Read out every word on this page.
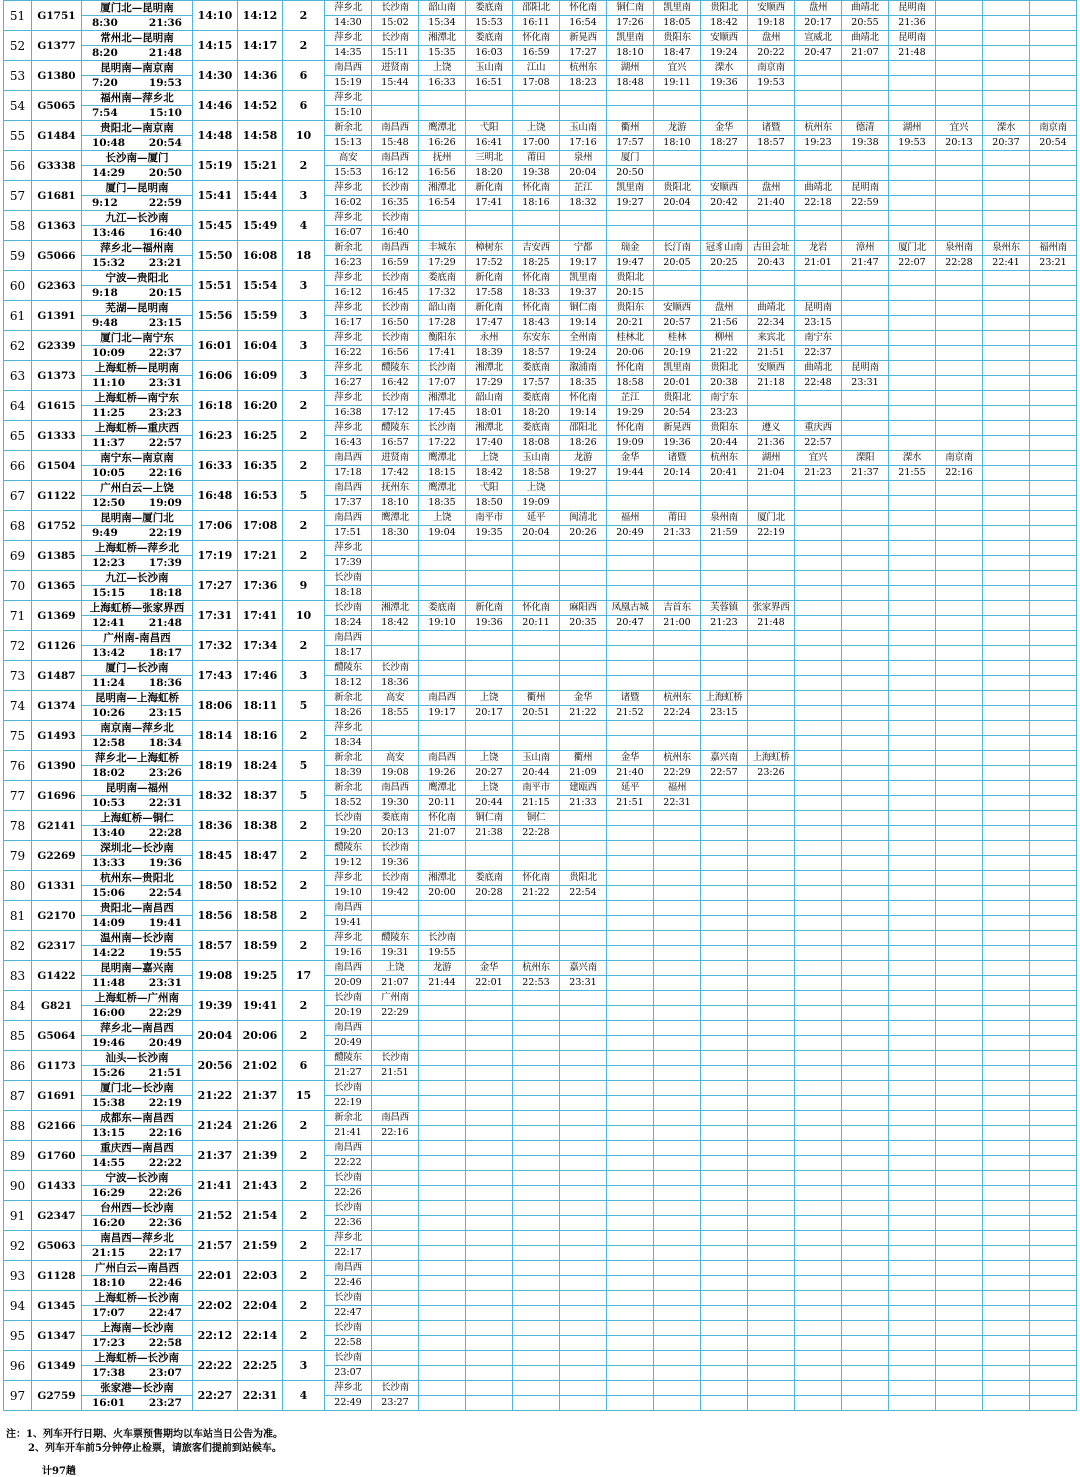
51	G1751	厦门北—昆明南	14:10	14:12	2	萍乡北	长沙南	韶山南	娄底南	邵阳北	怀化南	铜仁南	凯里南	贵阳北	安顺西	盘州	曲靖北	昆明南			

		8:30 21:36				14:30	15:02	15:34	15:53	16:11	16:54	17:26	18:05	18:42	19:18	20:17	20:55	21:36			
52	G1377	常州北—昆明南	14:15	14:17	2	萍乡北	长沙南	湘潭北	娄底南	怀化南	新晃西	凯里南	贵阳东	安顺西	盘州	宣威北	曲靖北	昆明南			

		8:20 21:48				14:35	15:11	15:35	16:03	16:59	17:27	18:10	18:47	19:24	20:22	20:47	21:07	21:48			
53	G1380	昆明南—南京南	14:30	14:36	6	南昌西	进贤南	上饶	玉山南	江山	杭州东	湖州	宜兴	溧水	南京南						

		7:20 19:53				15:19	15:44	16:33	16:51	17:08	18:23	18:48	19:11	19:36	19:53						
54	G5065	福州南—萍乡北	14:46	14:52	6	萍乡北															

		7:54 15:10				15:10															
55	G1484	贵阳北—南京南	14:48	14:58	10	新余北	南昌西	鹰潭北	弋阳	上饶	玉山南	衢州	龙游	金华	诸暨	杭州东	德清	湖州	宜兴	溧水	南京南

		10:48 20:54				15:13	15:48	16:26	16:41	17:00	17:16	17:57	18:10	18:27	18:57	19:23	19:38	19:53	20:13	20:37	20:54
56	G3338	长沙南—厦门	15:19	15:21	2	高安	南昌西	抚州	三明北	莆田	泉州	厦门									

		14:29 20:50				15:53	16:12	16:56	18:20	19:38	20:04	20:50									
57	G1681	厦门—昆明南	15:41	15:44	3	萍乡北	长沙南	湘潭北	新化南	怀化南	芷江	凯里南	贵阳北	安顺西	盘州	曲靖北	昆明南				

		9:12 22:59				16:02	16:35	16:54	17:41	18:16	18:32	19:27	20:04	20:42	21:40	22:18	22:59				
58	G1363	九江—长沙南	15:45	15:49	4	萍乡北	长沙南														

		13:46 16:40				16:07	16:40														
59	G5066	萍乡北—福州南	15:50	16:08	18	新余北	南昌西	丰城东	樟树东	吉安西	宁都	瑞金	长汀南	冠豸山南	古田会址	龙岩	漳州	厦门北	泉州南	泉州东	福州南

		15:32 23:21				16:23	16:59	17:29	17:52	18:25	19:17	19:47	20:05	20:25	20:43	21:01	21:47	22:07	22:28	22:41	23:21
60	G2363	宁波—贵阳北	15:51	15:54	3	萍乡北	长沙南	娄底南	新化南	怀化南	凯里南	贵阳北									

		9:18 20:15				16:12	16:45	17:32	17:58	18:33	19:37	20:15									
61	G1391	芜湖—昆明南	15:56	15:59	3	萍乡北	长沙南	韶山南	新化南	怀化南	铜仁南	贵阳东	安顺西	盘州	曲靖北	昆明南					

		9:48 23:15				16:17	16:50	17:28	17:47	18:43	19:14	20:21	20:57	21:56	22:34	23:15					
62	G2339	厦门北—南宁东	16:01	16:04	3	萍乡北	长沙南	衡阳东	永州	东安东	全州南	桂林北	桂林	柳州	来宾北	南宁东					

		10:09 22:37				16:22	16:56	17:41	18:39	18:57	19:24	20:06	20:19	21:22	21:51	22:37					
63	G1373	上海虹桥—昆明南	16:06	16:09	3	萍乡北	醴陵东	长沙南	湘潭北	娄底南	溆浦南	怀化南	凯里南	贵阳北	安顺西	曲靖北	昆明南				

		11:10 23:31				16:27	16:42	17:07	17:29	17:57	18:35	18:58	20:01	20:38	21:18	22:48	23:31				
64	G1615	上海虹桥—南宁东	16:18	16:20	2	萍乡北	长沙南	湘潭北	韶山南	娄底南	怀化南	芷江	贵阳北	南宁东							

		11:25 23:23				16:38	17:12	17:45	18:01	18:20	19:14	19:29	20:54	23:23							
65	G1333	上海虹桥—重庆西	16:23	16:25	2	萍乡北	醴陵东	长沙南	湘潭北	娄底南	邵阳北	怀化南	新晃西	贵阳东	遵义	重庆西					

		11:37 22:57				16:43	16:57	17:22	17:40	18:08	18:26	19:09	19:36	20:44	21:36	22:57					
66	G1504	南宁东—南京南	16:33	16:35	2	南昌西	进贤南	鹰潭北	上饶	玉山南	龙游	金华	诸暨	杭州东	湖州	宜兴	溧阳	溧水	南京南		

		10:05 22:16				17:18	17:42	18:15	18:42	18:58	19:27	19:44	20:14	20:41	21:04	21:23	21:37	21:55	22:16		
67	G1122	广州白云—上饶	16:48	16:53	5	南昌西	抚州东	鹰潭北	弋阳	上饶											

		12:50 19:09				17:37	18:10	18:35	18:50	19:09											
68	G1752	昆明南—厦门北	17:06	17:08	2	南昌西	鹰潭北	上饶	南平市	延平	闽清北	福州	莆田	泉州南	厦门北						

		9:49 22:19				17:51	18:30	19:04	19:35	20:04	20:26	20:49	21:33	21:59	22:19						
69	G1385	上海虹桥—萍乡北	17:19	17:21	2	萍乡北															

		12:23 17:39				17:39															
70	G1365	九江—长沙南	17:27	17:36	9	长沙南															

		15:15 18:18				18:18															
71	G1369	上海虹桥—张家界西	17:31	17:41	10	长沙南	湘潭北	娄底南	新化南	怀化南	麻阳西	凤凰古城	吉首东	芙蓉镇	张家界西						

		12:41 21:48				18:24	18:42	19:10	19:36	20:11	20:35	20:47	21:00	21:23	21:48						
72	G1126	广州南-南昌西	17:32	17:34	2	南昌西															

		13:42 18:17				18:17															
73	G1487	厦门—长沙南	17:43	17:46	3	醴陵东	长沙南														

		11:24 18:36				18:12	18:36														
74	G1374	昆明南—上海虹桥	18:06	18:11	5	新余北	高安	南昌西	上饶	衢州	金华	诸暨	杭州东	上海虹桥							

		10:26 23:15				18:26	18:55	19:17	20:17	20:51	21:22	21:52	22:24	23:15							
75	G1493	南京南—萍乡北	18:14	18:16	2	萍乡北															

		12:58 18:34				18:34															
76	G1390	萍乡北—上海虹桥	18:19	18:24	5	新余北	高安	南昌西	上饶	玉山南	衢州	金华	杭州东	嘉兴南	上海虹桥						

		18:02 23:26				18:39	19:08	19:26	20:27	20:44	21:09	21:40	22:29	22:57	23:26						
77	G1696	昆明南—福州	18:32	18:37	5	新余北	南昌西	鹰潭北	上饶	南平市	建瓯西	延平	福州								

		10:53 22:31				18:52	19:30	20:11	20:44	21:15	21:33	21:51	22:31								
78	G2141	上海虹桥—铜仁	18:36	18:38	2	长沙南	娄底南	怀化南	铜仁南	铜仁											

		13:40 22:28				19:20	20:13	21:07	21:38	22:28											
79	G2269	深圳北—长沙南	18:45	18:47	2	醴陵东	长沙南														

		13:33 19:36				19:12	19:36														
80	G1331	杭州东—贵阳北	18:50	18:52	2	萍乡北	长沙南	湘潭北	娄底南	怀化南	贵阳北										

		15:06 22:54				19:10	19:42	20:00	20:28	21:22	22:54										
81	G2170	贵阳北—南昌西	18:56	18:58	2	南昌西															

		14:09 19:41				19:41															
82	G2317	温州南—长沙南	18:57	18:59	2	萍乡北	醴陵东	长沙南													

		14:22 19:55				19:16	19:31	19:55													
83	G1422	昆明南—嘉兴南	19:08	19:25	17	南昌西	上饶	龙游	金华	杭州东	嘉兴南										

		11:48 23:31				20:09	21:07	21:44	22:01	22:53	23:31										
84	G821	上海虹桥—广州南	19:39	19:41	2	长沙南	广州南														

		16:00 22:29				20:19	22:29														
85	G5064	萍乡北—南昌西	20:04	20:06	2	南昌西															

		19:46 20:49				20:49															
86	G1173	汕头—长沙南	20:56	21:02	6	醴陵东	长沙南														

		15:26 21:51				21:27	21:51														
87	G1691	厦门北—长沙南	21:22	21:37	15	长沙南															

		15:38 22:19				22:19															
88	G2166	成都东—南昌西	21:24	21:26	2	新余北	南昌西														

		13:15 22:16				21:41	22:16														
89	G1760	重庆西—南昌西	21:37	21:39	2	南昌西															

		14:55 22:22				22:22															
90	G1433	宁波—长沙南	21:41	21:43	2	长沙南															

		16:29 22:26				22:26															
91	G2347	台州西—长沙南	21:52	21:54	2	长沙南															

		16:20 22:36				22:36															
92	G5063	南昌西—萍乡北	21:57	21:59	2	萍乡北															

		21:15 22:17				22:17															
93	G1128	广州白云—南昌西	22:01	22:03	2	南昌西															

		18:10 22:46				22:46															
94	G1345	上海虹桥—长沙南	22:02	22:04	2	长沙南															

		17:07 22:47				22:47															
95	G1347	上海南—长沙南	22:12	22:14	2	长沙南															

		17:23 22:58				22:58															
96	G1349	上海虹桥—长沙南	22:22	22:25	3	长沙南															

		17:38 23:07				23:07															
97	G2759	张家港—长沙南	22:27	22:31	4	萍乡北	长沙南														

		16:01 23:27				22:49	23:27														
注：1、列车开行日期、火车票预售期均以车站当日公告为准。
2、列车开车前5分钟停止检票，请旅客们提前到站候车。
计97趟
